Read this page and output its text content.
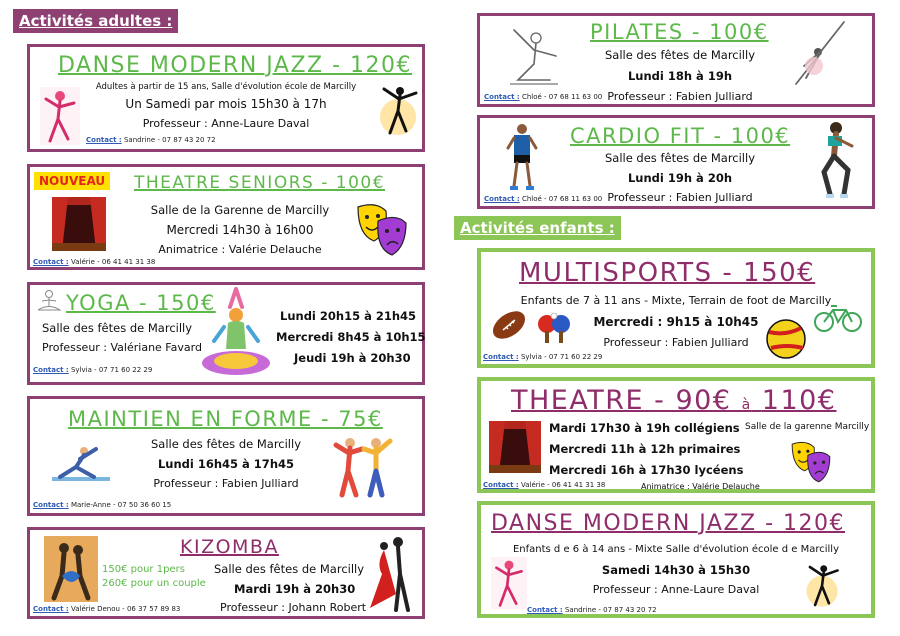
Activités adultes :
DANSE MODERN JAZZ - 120€
Adultes à partir de 15 ans, Salle d'évolution école de Marcilly
Un Samedi par mois 15h30 à 17h
Professeur : Anne-Laure Daval
Contact : Sandrine - 07 87 43 20 72
NOUVEAU THEATRE SENIORS - 100€
Salle de la Garenne de Marcilly
Mercredi 14h30 à 16h00
Animatrice : Valérie Delauche
Contact : Valérie - 06 41 41 31 38
YOGA - 150€
Salle des fêtes de Marcilly
Professeur : Valériane Favard
Lundi 20h15 à 21h45
Mercredi 8h45 à 10h15
Jeudi 19h à 20h30
Contact : Sylvia - 07 71 60 22 29
MAINTIEN EN FORME - 75€
Salle des fêtes de Marcilly
Lundi 16h45 à 17h45
Professeur : Fabien Julliard
Contact : Marie-Anne - 07 50 36 60 15
KIZOMBA
150€ pour 1pers
260€ pour un couple
Salle des fêtes de Marcilly
Mardi 19h à 20h30
Professeur : Johann Robert
Contact : Valérie Denou - 06 37 57 89 83
PILATES - 100€
Salle des fêtes de Marcilly
Lundi 18h à 19h
Professeur : Fabien Julliard
Contact : Chloé - 07 68 11 63 00
CARDIO FIT - 100€
Salle des fêtes de Marcilly
Lundi 19h à 20h
Professeur : Fabien Julliard
Contact : Chloé - 07 68 11 63 00
Activités enfants :
MULTISPORTS - 150€
Enfants de 7 à 11 ans - Mixte, Terrain de foot de Marcilly
Mercredi : 9h15 à 10h45
Professeur : Fabien Julliard
Contact : Sylvia - 07 71 60 22 29
THEATRE - 90€ à 110€
Mardi 17h30 à 19h collégiens
Mercredi 11h à 12h primaires
Mercredi 16h à 17h30 lycéens
Salle de la garenne Marcilly
Animatrice : Valérie Delauche
Contact : Valérie - 06 41 41 31 38
DANSE MODERN JAZZ - 120€
Enfants d e 6 à 14 ans - Mixte Salle d'évolution école d e Marcilly
Samedi 14h30 à 15h30
Professeur : Anne-Laure Daval
Contact : Sandrine - 07 87 43 20 72
